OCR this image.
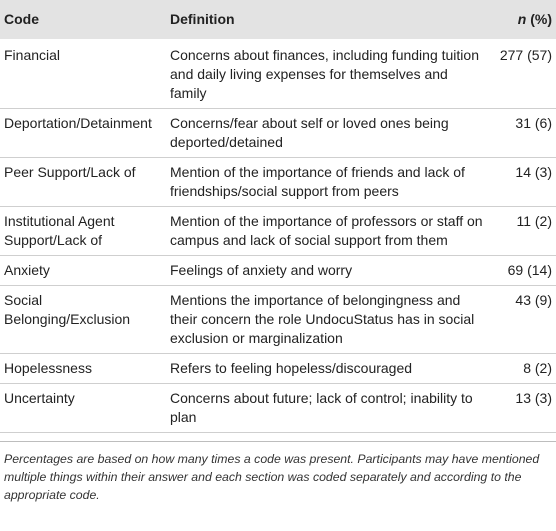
Code	Definition	n (%)
Financial	Concerns about finances, including funding tuition and daily living expenses for themselves and family	277 (57)
Deportation/Detainment	Concerns/fear about self or loved ones being deported/detained	31 (6)
Peer Support/Lack of	Mention of the importance of friends and lack of friendships/social support from peers	14 (3)
Institutional Agent Support/Lack of	Mention of the importance of professors or staff on campus and lack of social support from them	11 (2)
Anxiety	Feelings of anxiety and worry	69 (14)
Social Belonging/Exclusion	Mentions the importance of belongingness and their concern the role UndocuStatus has in social exclusion or marginalization	43 (9)
Hopelessness	Refers to feeling hopeless/discouraged	8 (2)
Uncertainty	Concerns about future; lack of control; inability to plan	13 (3)
Percentages are based on how many times a code was present. Participants may have mentioned multiple things within their answer and each section was coded separately and according to the appropriate code.
